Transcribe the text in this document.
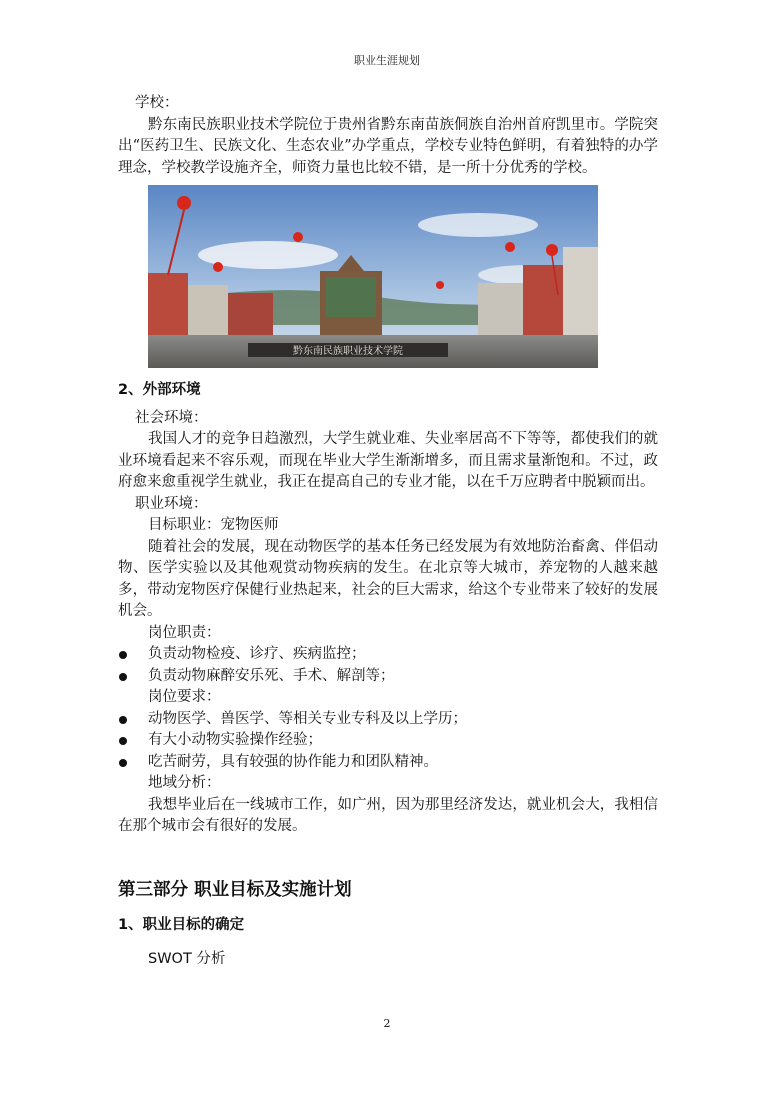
职业生涯规划

学校：

黔东南民族职业技术学院位于贵州省黔东南苗族侗族自治州首府凯里市。学院突出“医药卫生、民族文化、生态农业”办学重点，学校专业特色鲜明，有着独特的办学理念，学校教学设施齐全，师资力量也比较不错，是一所十分优秀的学校。

黔东南民族职业技术学院

2、外部环境

社会环境：

我国人才的竞争日趋激烈，大学生就业难、失业率居高不下等等，都使我们的就业环境看起来不容乐观，而现在毕业大学生渐渐增多，而且需求量渐饱和。不过，政府愈来愈重视学生就业，我正在提高自己的专业才能，以在千万应聘者中脱颖而出。

职业环境：

目标职业：宠物医师

随着社会的发展，现在动物医学的基本任务已经发展为有效地防治畜禽、伴侣动物、医学实验以及其他观赏动物疾病的发生。在北京等大城市，养宠物的人越来越多，带动宠物医疗保健行业热起来，社会的巨大需求，给这个专业带来了较好的发展机会。

岗位职责：

负责动物检疫、诊疗、疾病监控；

负责动物麻醉安乐死、手术、解剖等；

岗位要求：

动物医学、兽医学、等相关专业专科及以上学历；

有大小动物实验操作经验；

吃苦耐劳，具有较强的协作能力和团队精神。

地域分析：

我想毕业后在一线城市工作，如广州，因为那里经济发达，就业机会大，我相信在那个城市会有很好的发展。

第三部分 职业目标及实施计划

1、职业目标的确定

SWOT 分析

2
